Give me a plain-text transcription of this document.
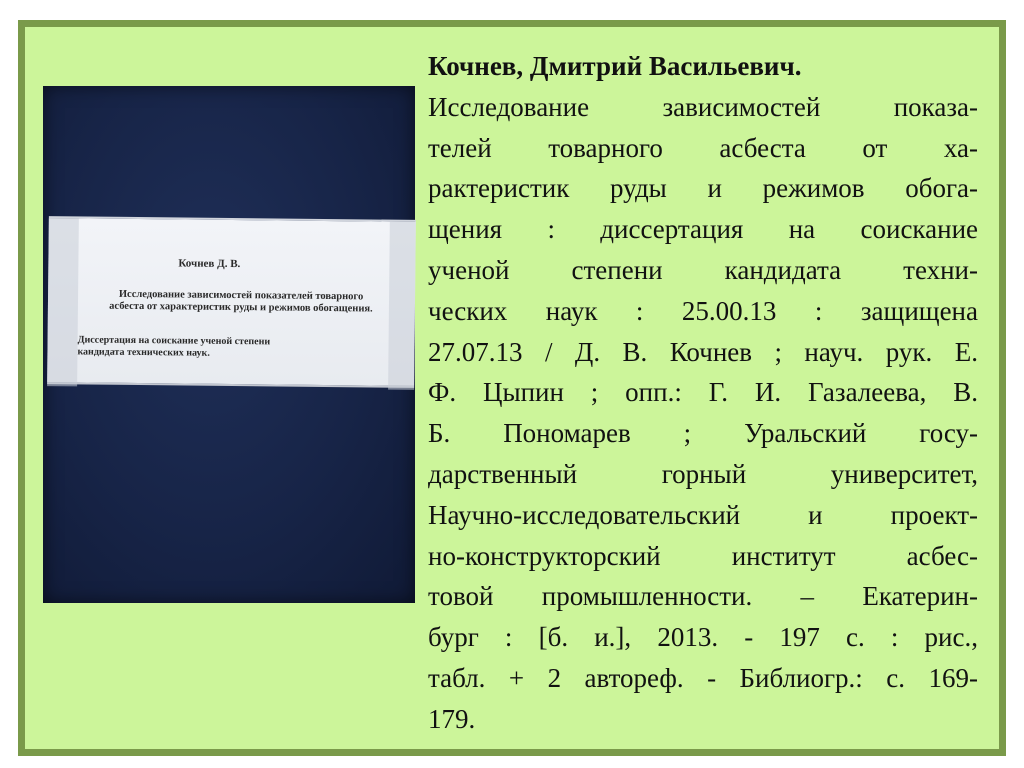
Кочнев Д. В.
Исследование зависимостей показателей товарного
асбеста от характеристик руды и режимов обогащения.
Диссертация на соискание ученой степени
кандидата технических наук.
Кочнев, Дмитрий Васильевич.
Исследование зависимостей показа-
телей товарного асбеста от ха-
рактеристик руды и режимов обога-
щения : диссертация на соискание
ученой степени кандидата техни-
ческих наук : 25.00.13 : защищена
27.07.13 / Д. В. Кочнев ; науч. рук. Е.
Ф. Цыпин ; опп.: Г. И. Газалеева, В.
Б. Пономарев ; Уральский госу-
дарственный горный университет,
Научно-исследовательский и проект-
но-конструкторский институт асбес-
товой промышленности. – Екатерин-
бург : [б. и.], 2013. - 197 с. : рис.,
табл. + 2 автореф. - Библиогр.: с. 169-
179.
